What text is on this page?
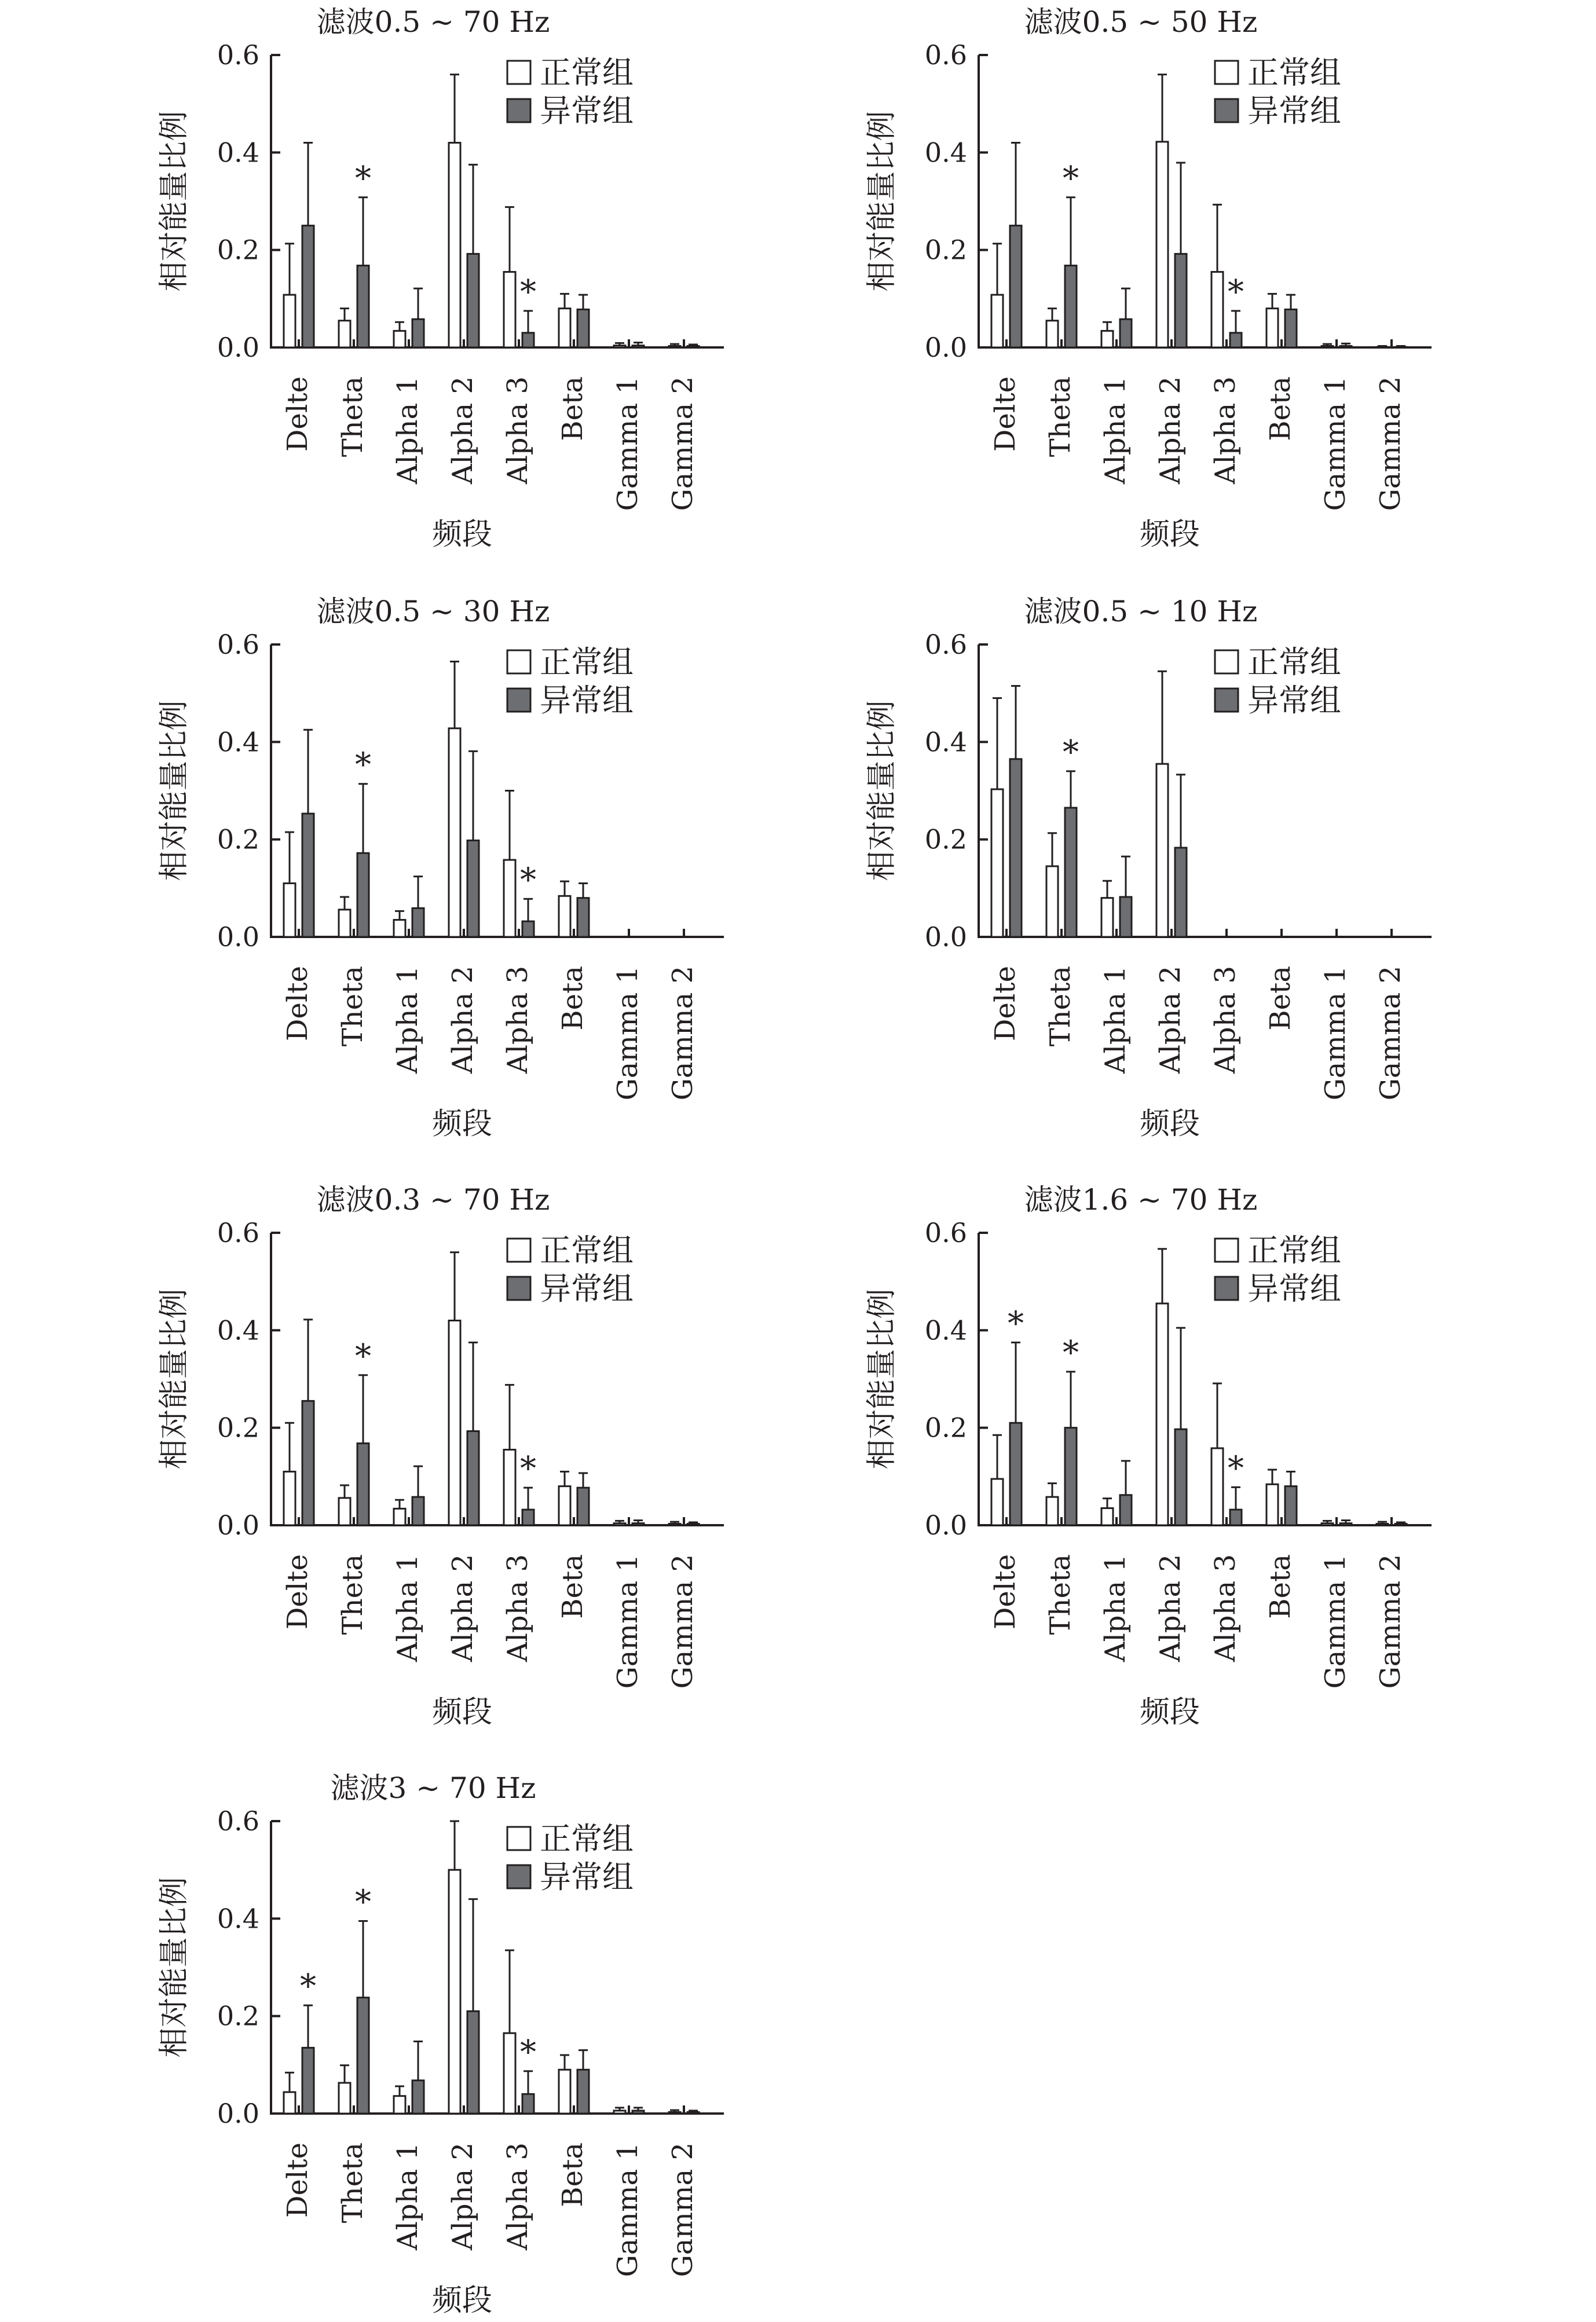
滤波0.5 ~ 70 Hz
0.0
0.2
0.4
0.6
相对能量比例
Delte
*
Theta Alpha 1 Alpha 2
*
Alpha 3 Beta Gamma 1 Gamma 2
频段
正常组
异常组
滤波0.5 ~ 50 Hz
0.0
0.2
0.4
0.6
相对能量比例
Delte
*
Theta Alpha 1 Alpha 2
*
Alpha 3 Beta Gamma 1 Gamma 2
频段
正常组
异常组
滤波0.5 ~ 30 Hz
0.0
0.2
0.4
0.6
相对能量比例
Delte
*
Theta Alpha 1 Alpha 2
*
Alpha 3 Beta Gamma 1 Gamma 2
频段
正常组
异常组
滤波0.5 ~ 10 Hz
0.0
0.2
0.4
0.6
相对能量比例
Delte
*
Theta Alpha 1 Alpha 2 Alpha 3 Beta Gamma 1 Gamma 2
频段
正常组
异常组
滤波0.3 ~ 70 Hz
0.0
0.2
0.4
0.6
相对能量比例
Delte
*
Theta Alpha 1 Alpha 2
*
Alpha 3 Beta Gamma 1 Gamma 2
频段
正常组
异常组
滤波1.6 ~ 70 Hz
0.0
0.2
0.4
0.6
相对能量比例	*
Delte
*
Theta Alpha 1 Alpha 2
*
Alpha 3 Beta Gamma 1 Gamma 2
频段
正常组
异常组
滤波3 ~ 70 Hz
0.0
0.2
0.4
0.6
相对能量比例	*
Delte
*
Theta Alpha 1 Alpha 2
*
Alpha 3 Beta Gamma 1 Gamma 2
频段
正常组
异常组
